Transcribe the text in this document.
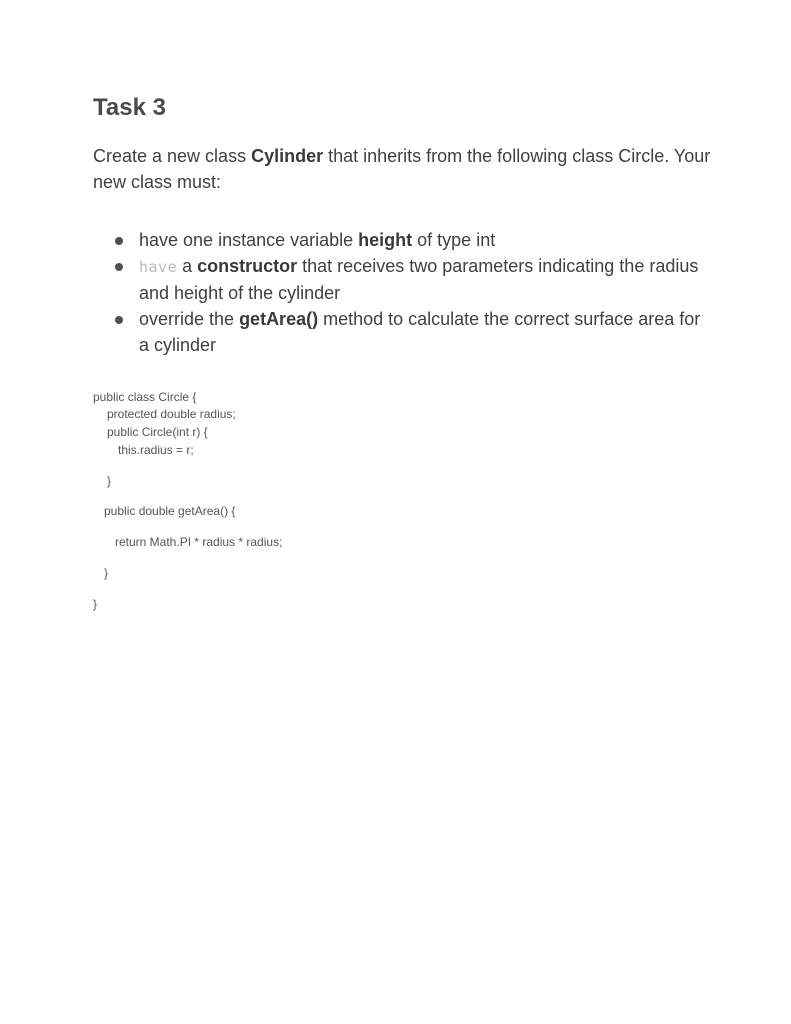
Task 3

Create a new class Cylinder that inherits from the following class Circle. Your new class must:

have one instance variable height of type int
have a constructor that receives two parameters indicating the radius and height of the cylinder
override the getArea() method to calculate the correct surface area for a cylinder

public class Circle {

protected double radius;

public Circle(int r) {

this.radius = r;

}

public double getArea() {

return Math.PI * radius * radius;

}

}
